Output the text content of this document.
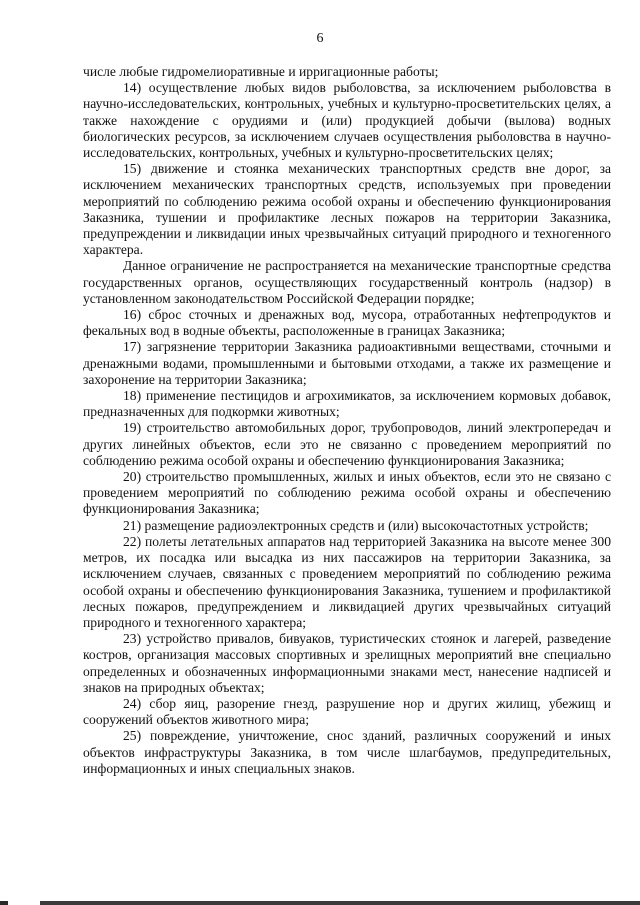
6

числе любые гидромелиоративные и ирригационные работы;

14) осуществление любых видов рыболовства, за исключением рыболовства в научно-исследовательских, контрольных, учебных и культурно-просветительских целях, а также нахождение с орудиями и (или) продукцией добычи (вылова) водных биологических ресурсов, за исключением случаев осуществления рыболовства в научно-исследовательских, контрольных, учебных и культурно-просветительских целях;

15) движение и стоянка механических транспортных средств вне дорог, за исключением механических транспортных средств, используемых при проведении мероприятий по соблюдению режима особой охраны и обеспечению функционирования Заказника, тушении и профилактике лесных пожаров на территории Заказника, предупреждении и ликвидации иных чрезвычайных ситуаций природного и техногенного характера.

Данное ограничение не распространяется на механические транспортные средства государственных органов, осуществляющих государственный контроль (надзор) в установленном законодательством Российской Федерации порядке;

16) сброс сточных и дренажных вод, мусора, отработанных нефтепродуктов и фекальных вод в водные объекты, расположенные в границах Заказника;

17) загрязнение территории Заказника радиоактивными веществами, сточными и дренажными водами, промышленными и бытовыми отходами, а также их размещение и захоронение на территории Заказника;

18) применение пестицидов и агрохимикатов, за исключением кормовых добавок, предназначенных для подкормки животных;

19) строительство автомобильных дорог, трубопроводов, линий электропередач и других линейных объектов, если это не связанно с проведением мероприятий по соблюдению режима особой охраны и обеспечению функционирования Заказника;

20) строительство промышленных, жилых и иных объектов, если это не связано с проведением мероприятий по соблюдению режима особой охраны и обеспечению функционирования Заказника;

21) размещение радиоэлектронных средств и (или) высокочастотных устройств;

22) полеты летательных аппаратов над территорией Заказника на высоте менее 300 метров, их посадка или высадка из них пассажиров на территории Заказника, за исключением случаев, связанных с проведением мероприятий по соблюдению режима особой охраны и обеспечению функционирования Заказника, тушением и профилактикой лесных пожаров, предупреждением и ликвидацией других чрезвычайных ситуаций природного и техногенного характера;

23) устройство привалов, бивуаков, туристических стоянок и лагерей, разведение костров, организация массовых спортивных и зрелищных мероприятий вне специально определенных и обозначенных информационными знаками мест, нанесение надписей и знаков на природных объектах;

24) сбор яиц, разорение гнезд, разрушение нор и других жилищ, убежищ и сооружений объектов животного мира;

25) повреждение, уничтожение, снос зданий, различных сооружений и иных объектов инфраструктуры Заказника, в том числе шлагбаумов, предупредительных, информационных и иных специальных знаков.
